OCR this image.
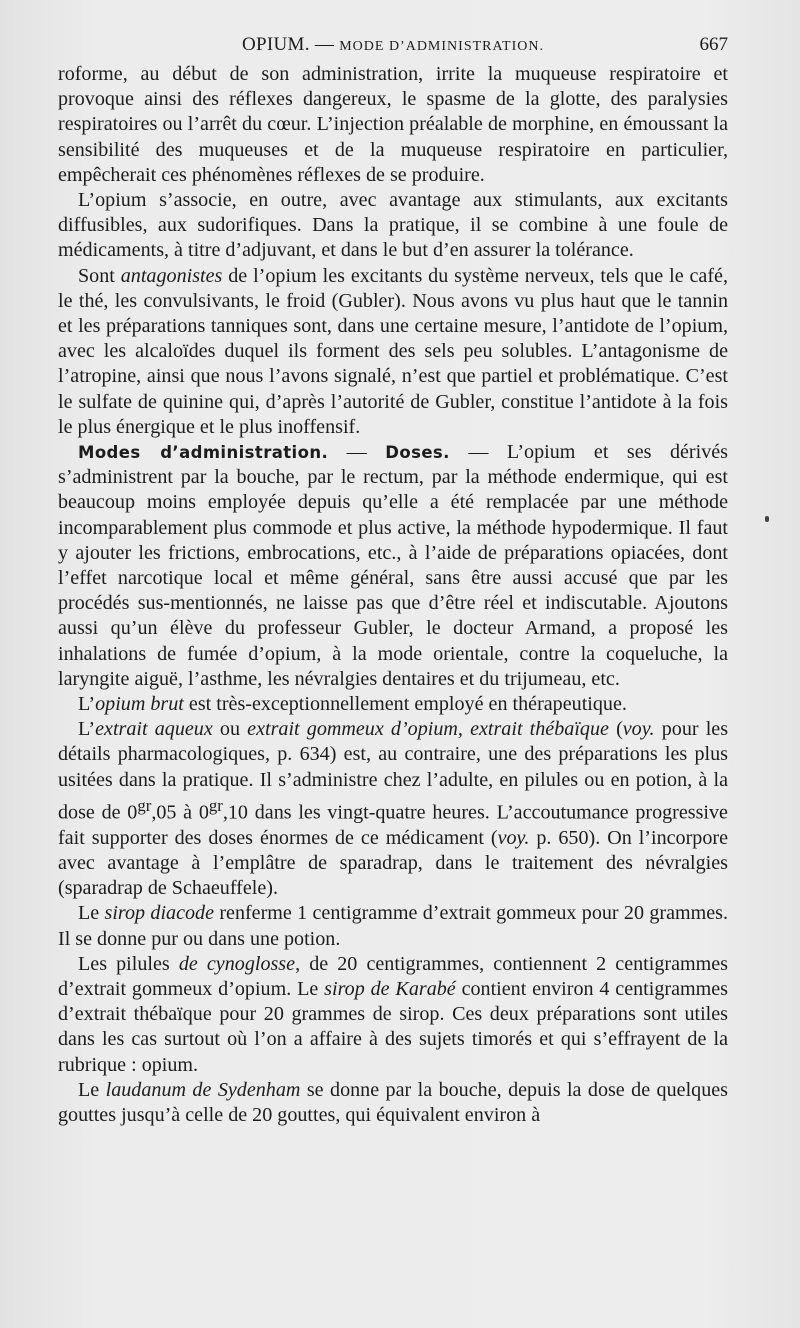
OPIUM. — MODE D’ADMINISTRATION.	667

roforme, au début de son administration, irrite la muqueuse respiratoire et provoque ainsi des réflexes dangereux, le spasme de la glotte, des paralysies respiratoires ou l’arrêt du cœur. L’injection préalable de morphine, en émoussant la sensibilité des muqueuses et de la muqueuse respiratoire en particulier, empêcherait ces phénomènes réflexes de se produire.

L’opium s’associe, en outre, avec avantage aux stimulants, aux excitants diffusibles, aux sudorifiques. Dans la pratique, il se combine à une foule de médicaments, à titre d’adjuvant, et dans le but d’en assurer la tolérance.

Sont antagonistes de l’opium les excitants du système nerveux, tels que le café, le thé, les convulsivants, le froid (Gubler). Nous avons vu plus haut que le tannin et les préparations tanniques sont, dans une certaine mesure, l’antidote de l’opium, avec les alcaloïdes duquel ils forment des sels peu solubles. L’antagonisme de l’atropine, ainsi que nous l’avons signalé, n’est que partiel et problématique. C’est le sulfate de quinine qui, d’après l’autorité de Gubler, constitue l’antidote à la fois le plus énergique et le plus inoffensif.

Modes d’administration. — Doses. — L’opium et ses dérivés s’administrent par la bouche, par le rectum, par la méthode endermique, qui est beaucoup moins employée depuis qu’elle a été remplacée par une méthode incomparablement plus commode et plus active, la méthode hypodermique. Il faut y ajouter les frictions, embrocations, etc., à l’aide de préparations opiacées, dont l’effet narcotique local et même général, sans être aussi accusé que par les procédés sus-mentionnés, ne laisse pas que d’être réel et indiscutable. Ajoutons aussi qu’un élève du professeur Gubler, le docteur Armand, a proposé les inhalations de fumée d’opium, à la mode orientale, contre la coqueluche, la laryngite aiguë, l’asthme, les névralgies dentaires et du trijumeau, etc.

L’opium brut est très-exceptionnellement employé en thérapeutique.

L’extrait aqueux ou extrait gommeux d’opium, extrait thébaïque (voy. pour les détails pharmacologiques, p. 634) est, au contraire, une des préparations les plus usitées dans la pratique. Il s’administre chez l’adulte, en pilules ou en potion, à la dose de $0^{gr},05$ à $0^{gr},10$ dans les vingt-quatre heures. L’accoutumance progressive fait supporter des doses énormes de ce médicament (voy. p. 650). On l’incorpore avec avantage à l’emplâtre de sparadrap, dans le traitement des névralgies (sparadrap de Schaeuffele).

Le sirop diacode renferme 1 centigramme d’extrait gommeux pour 20 grammes. Il se donne pur ou dans une potion.

Les pilules de cynoglosse, de 20 centigrammes, contiennent 2 centigrammes d’extrait gommeux d’opium. Le sirop de Karabé contient environ 4 centigrammes d’extrait thébaïque pour 20 grammes de sirop. Ces deux préparations sont utiles dans les cas surtout où l’on a affaire à des sujets timorés et qui s’effrayent de la rubrique : opium.

Le laudanum de Sydenham se donne par la bouche, depuis la dose de quelques gouttes jusqu’à celle de 20 gouttes, qui équivalent environ à
